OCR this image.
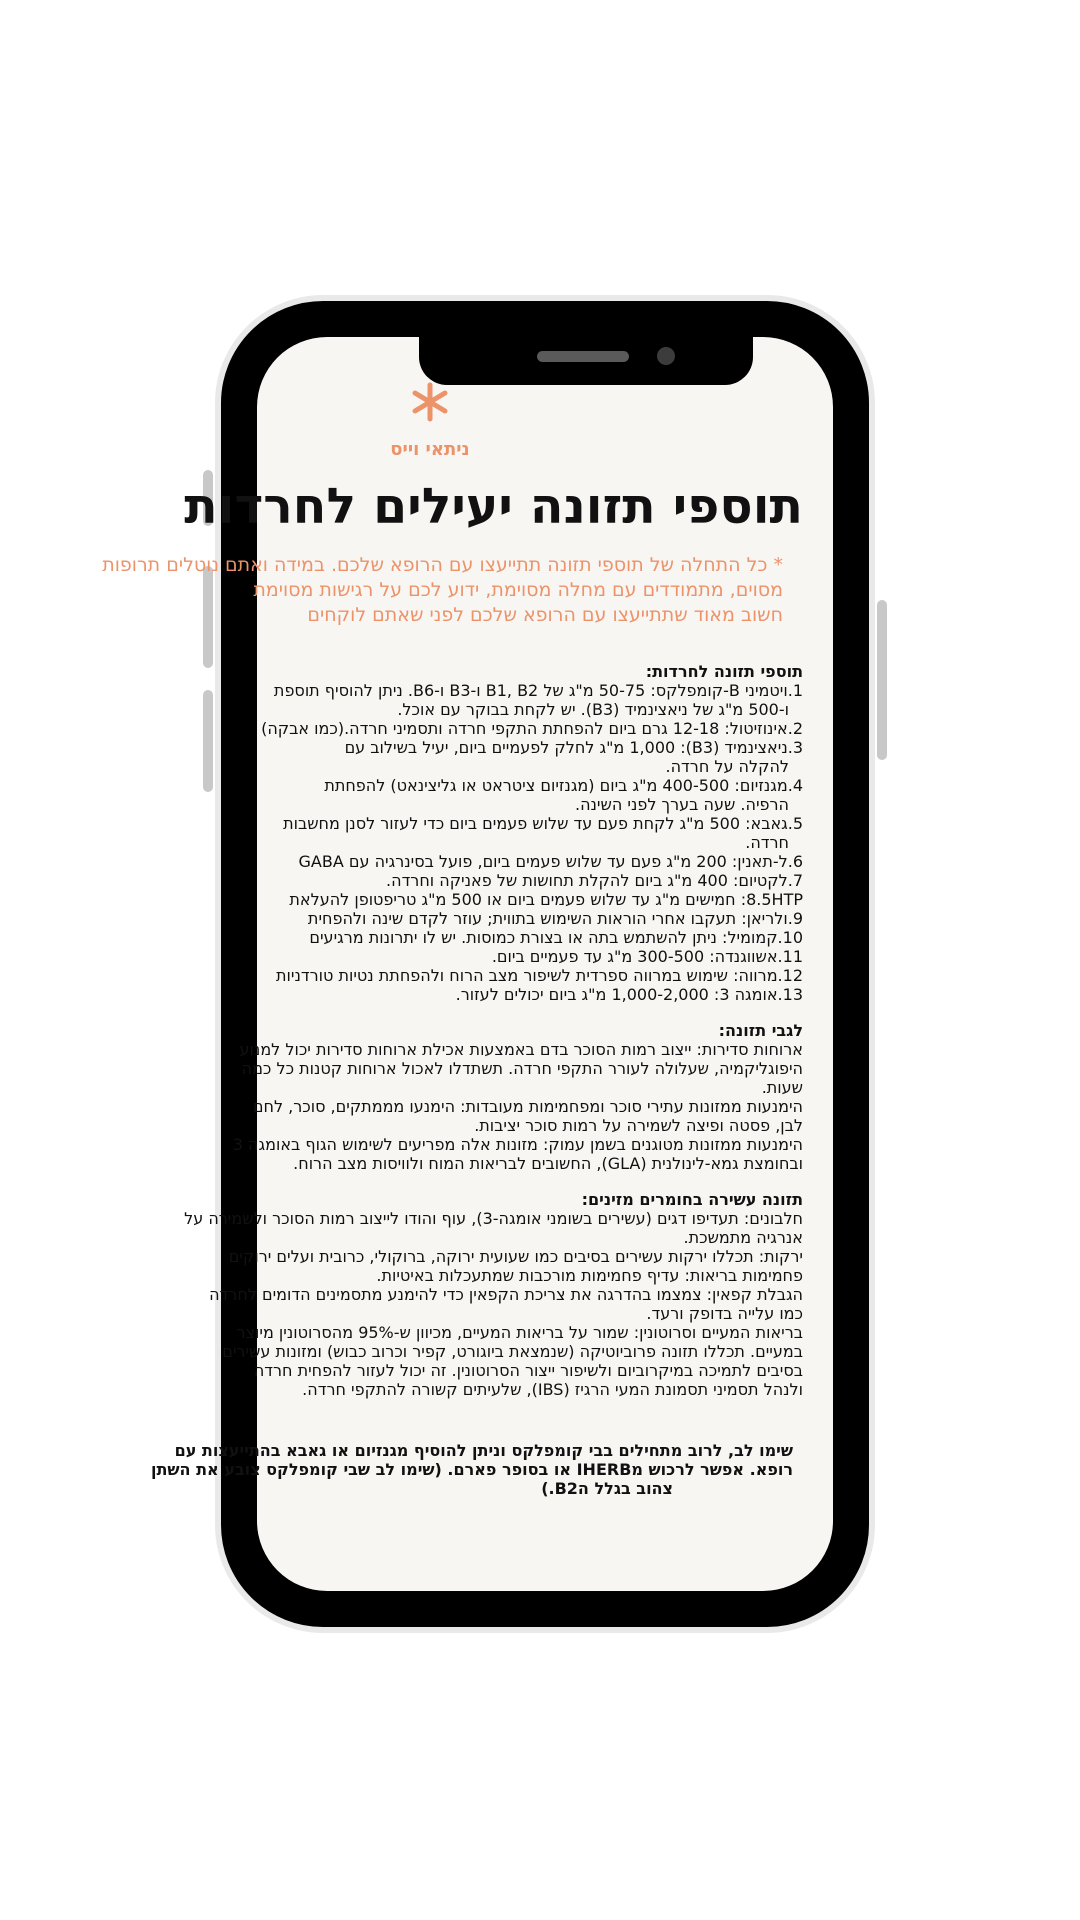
ניתאי וייס
תוספי תזונה יעילים לחרדות
* כל התחלה של תוספי תזונה תתייעצו עם הרופא שלכם. במידה ואתם נוטלים תרופות
מסוים, מתמודדים עם מחלה מסוימת, ידוע לכם על רגישות מסוימת
חשוב מאוד שתתייעצו עם הרופא שלכם לפני שאתם לוקחים
תוספי תזונה לחרדות:
1.ויטמיני B-קומפלקס: 50-75 מ"ג של B1, B2 ו-B3 ו-B6. ניתן להוסיף תוספת
ו-500 מ"ג של ניאצינמיד (B3). יש לקחת בבוקר עם אוכל.
2.אינוזיטול: 12-18 גרם ביום להפחתת התקפי חרדה ותסמיני חרדה.(כמו אבקה)
3.ניאצינמיד (B3): 1,000 מ"ג לחלק לפעמיים ביום, יעיל בשילוב עם
להקלה על חרדה.
4.מגנזיום: 400-500 מ"ג ביום (מגנזיום ציטראט או גליצינאט) להפחתת
הרפיה. שעה בערך לפני השינה.
5.גאבא: 500 מ"ג לקחת פעם עד שלוש פעמים ביום כדי לעזור לסנן מחשבות
חרדה.
6.ל-תאנין: 200 מ"ג פעם עד שלוש פעמים ביום, פועל בסינרגיה עם GABA
7.לקטיום: 400 מ"ג ביום להקלת תחושות של פאניקה וחרדה.
8.5HTP: חמישים מ"ג עד שלוש פעמים ביום או 500 מ"ג טריפטופן להעלאת
9.ולריאן: תעקבו אחרי הוראות השימוש בתווית; עוזר לקדם שינה ולהפחית
10.קמומיל: ניתן להשתמש בתה או בצורת כמוסות. יש לו יתרונות מרגיעים
11.אשווגנדה: 300-500 מ"ג עד פעמיים ביום.
12.מרווה: שימוש במרווה ספרדית לשיפור מצב הרוח ולהפחתת נטיות טורדניות
13.אומגה 3: 1,000-2,000 מ"ג ביום יכולים לעזור.
לגבי תזונה:
ארוחות סדירות: ייצוב רמות הסוכר בדם באמצעות אכילת ארוחות סדירות יכול למנוע
היפוגליקמיה, שעלולה לעורר התקפי חרדה. תשתדלו לאכול ארוחות קטנות כל כמה
שעות.
הימנעות ממזונות עתירי סוכר ומפחמימות מעובדות: הימנעו מממתקים, סוכר, לחם
לבן, פסטה ופיצה לשמירה על רמות סוכר יציבות.
הימנעות ממזונות מטוגנים בשמן עמוק: מזונות אלה מפריעים לשימוש הגוף באומגה 3
ובחומצת גמא-לינולנית (GLA), החשובים לבריאות המוח ולוויסות מצב הרוח.
תזונה עשירה בחומרים מזינים:
חלבונים: תעדיפו דגים (עשירים בשומני אומגה-3), עוף והודו לייצוב רמות הסוכר ולשמירה על
אנרגיה מתמשכת.
ירקות: תכללו ירקות עשירים בסיבים כמו שעועית ירוקה, ברוקולי, כרובית ועלים ירוקים
פחמימות בריאות: עדיף פחמימות מורכבות שמתעכלות באיטיות.
הגבלת קפאין: צמצמו בהדרגה את צריכת הקפאין כדי להימנע מתסמינים הדומים לחרדה
כמו עלייה בדופק ורעד.
בריאות המעיים וסרוטונין: שמור על בריאות המעיים, מכיוון ש-95% מהסרוטונין מיוצר
במעיים. תכללו תזונה פרוביוטיקה (שנמצאת ביוגורט, קפיר וכרוב כבוש) ומזונות עשירים
בסיבים לתמיכה במיקרוביום ולשיפור ייצור הסרוטונין. זה יכול לעזור להפחית חרדה
ולנהל תסמיני תסמונת המעי הרגיז (IBS), שלעיתים קשורה להתקפי חרדה.
שימו לב, לרוב מתחילים בבי קומפלקס וניתן להוסיף מגנזיום או גאבא בהתייעצות עם
רופא. אפשר לרכוש מIHERB או בסופר פארם. (שימו לב שבי קומפלקס צובע את השתן
צהוב בגלל הB2.)
